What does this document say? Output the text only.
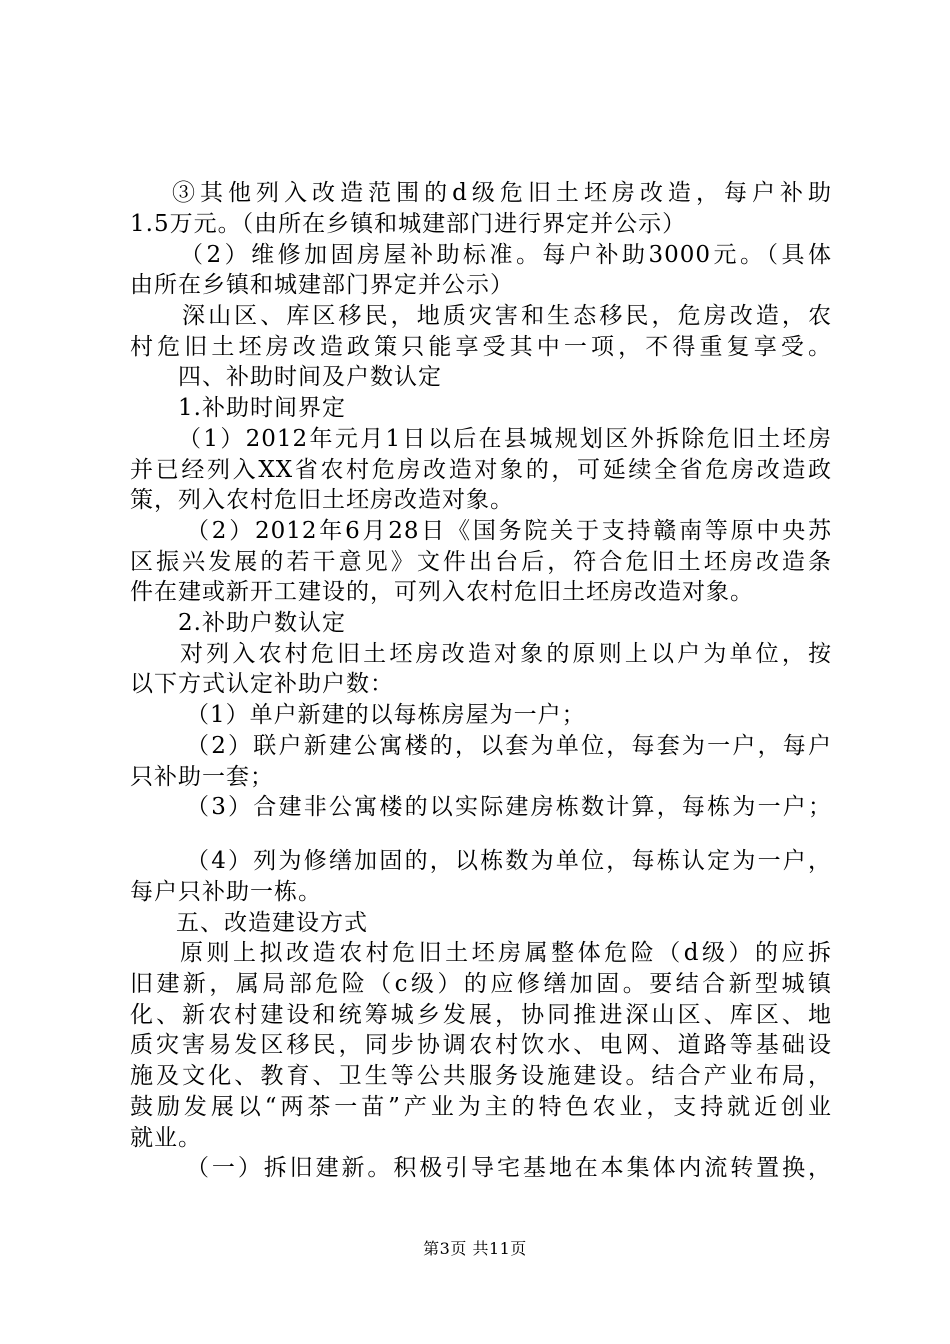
③其他列入改造范围的d级危旧土坯房改造，每户补助
1.5万元。（由所在乡镇和城建部门进行界定并公示）
（2）维修加固房屋补助标准。每户补助3000元。（具体
由所在乡镇和城建部门界定并公示）
深山区、库区移民，地质灾害和生态移民，危房改造，农
村危旧土坯房改造政策只能享受其中一项，不得重复享受。
四、补助时间及户数认定
1.补助时间界定
（1）2012年元月1日以后在县城规划区外拆除危旧土坯房
并已经列入XX省农村危房改造对象的，可延续全省危房改造政
策，列入农村危旧土坯房改造对象。
（2）2012年6月28日《国务院关于支持赣南等原中央苏
区振兴发展的若干意见》文件出台后，符合危旧土坯房改造条
件在建或新开工建设的，可列入农村危旧土坯房改造对象。
2.补助户数认定
对列入农村危旧土坯房改造对象的原则上以户为单位，按
以下方式认定补助户数：
（1）单户新建的以每栋房屋为一户；
（2）联户新建公寓楼的，以套为单位，每套为一户，每户
只补助一套；
（3）合建非公寓楼的以实际建房栋数计算，每栋为一户；
（4）列为修缮加固的，以栋数为单位，每栋认定为一户，
每户只补助一栋。
五、改造建设方式
原则上拟改造农村危旧土坯房属整体危险（d级）的应拆
旧建新，属局部危险（c级）的应修缮加固。要结合新型城镇
化、新农村建设和统筹城乡发展，协同推进深山区、库区、地
质灾害易发区移民，同步协调农村饮水、电网、道路等基础设
施及文化、教育、卫生等公共服务设施建设。结合产业布局，
鼓励发展以“两茶一苗”产业为主的特色农业，支持就近创业
就业。
（一）拆旧建新。积极引导宅基地在本集体内流转置换，
第3页 共11页
